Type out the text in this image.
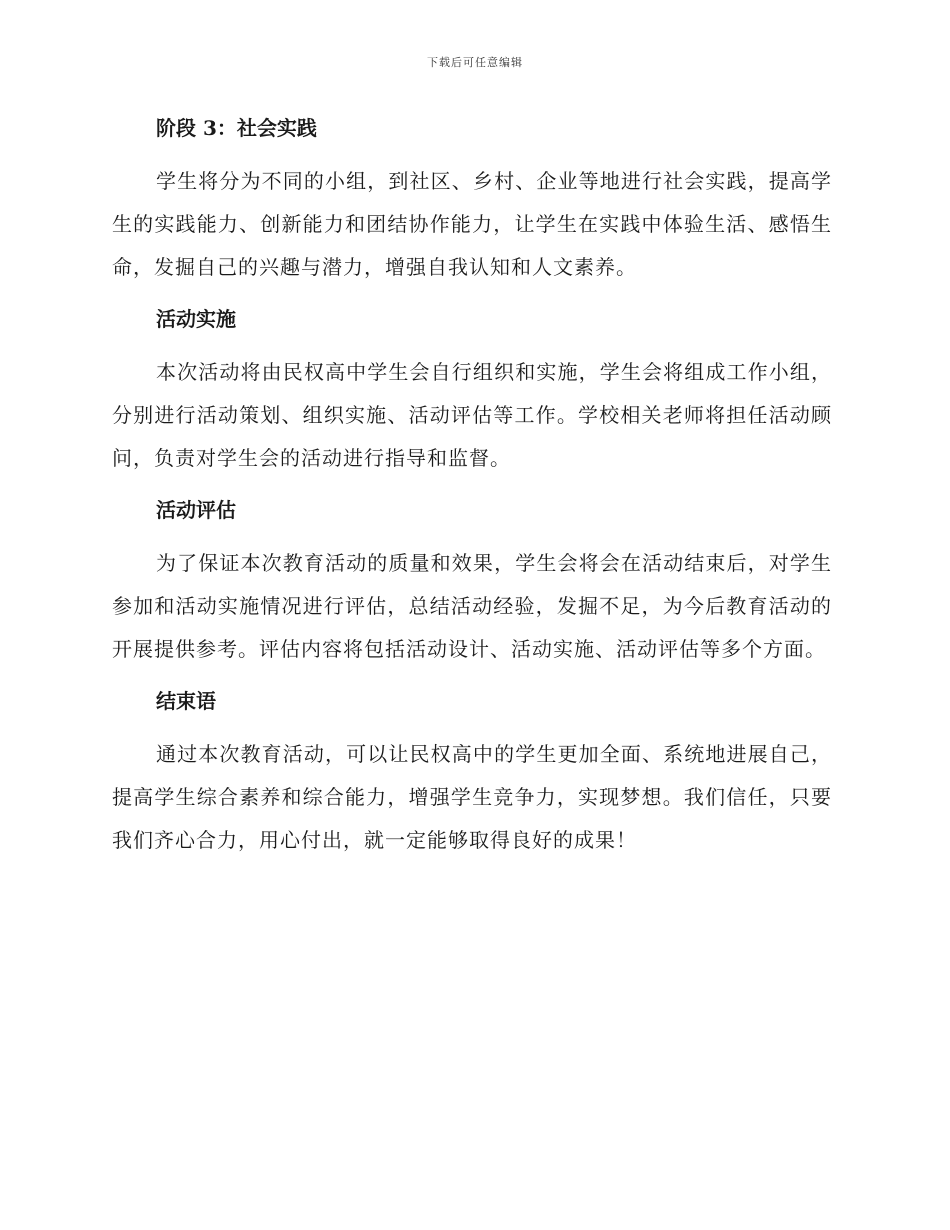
下载后可任意编辑
阶段 3：社会实践

学生将分为不同的小组，到社区、乡村、企业等地进行社会实践，提高学生的实践能力、创新能力和团结协作能力，让学生在实践中体验生活、感悟生命，发掘自己的兴趣与潜力，增强自我认知和人文素养。

活动实施

本次活动将由民权高中学生会自行组织和实施，学生会将组成工作小组，分别进行活动策划、组织实施、活动评估等工作。学校相关老师将担任活动顾问，负责对学生会的活动进行指导和监督。

活动评估

为了保证本次教育活动的质量和效果，学生会将会在活动结束后，对学生参加和活动实施情况进行评估，总结活动经验，发掘不足，为今后教育活动的开展提供参考。评估内容将包括活动设计、活动实施、活动评估等多个方面。

结束语

通过本次教育活动，可以让民权高中的学生更加全面、系统地进展自己，提高学生综合素养和综合能力，增强学生竞争力，实现梦想。我们信任，只要我们齐心合力，用心付出，就一定能够取得良好的成果！
